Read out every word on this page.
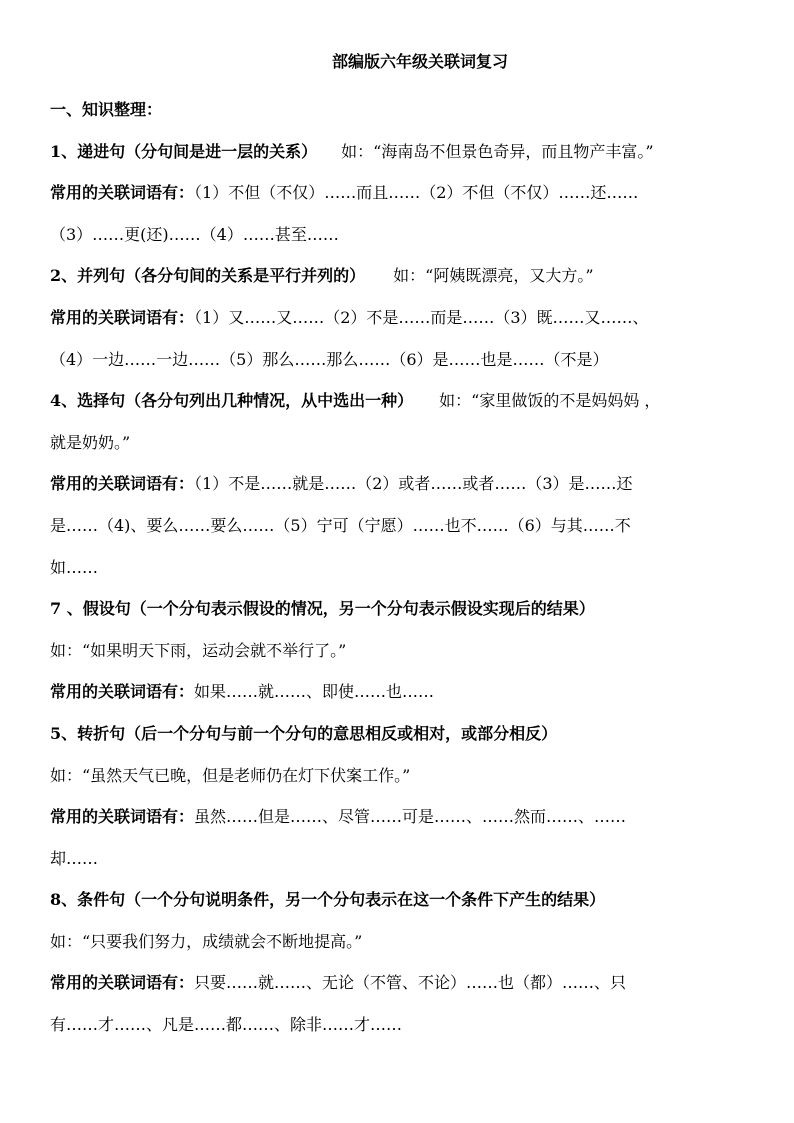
部编版六年级关联词复习
一、知识整理：
1、递进句（分句间是进一层的关系） 如：“海南岛不但景色奇异，而且物产丰富。”
常用的关联词语有：（1）不但（不仅）……而且……（2）不但（不仅）……还……
（3）……更(还)……（4）……甚至……
2、并列句（各分句间的关系是平行并列的） 如：“阿姨既漂亮，又大方。”
常用的关联词语有：（1）又……又……（2）不是……而是……（3）既……又……、
（4）一边……一边……（5）那么……那么……（6）是……也是……（不是）
4、选择句（各分句列出几种情况，从中选出一种） 如：“家里做饭的不是妈妈妈 ，
就是奶奶。”
常用的关联词语有：（1）不是……就是……（2）或者……或者……（3）是……还
是……（4)、要么……要么……（5）宁可（宁愿）……也不……（6）与其……不
如……
7 、假设句（一个分句表示假设的情况，另一个分句表示假设实现后的结果）
如：“如果明天下雨，运动会就不举行了。”
常用的关联词语有：如果……就……、即使……也……
5、转折句（后一个分句与前一个分句的意思相反或相对，或部分相反）
如：“虽然天气已晚，但是老师仍在灯下伏案工作。”
常用的关联词语有：虽然……但是……、尽管……可是……、……然而……、……
却……
8、条件句（一个分句说明条件，另一个分句表示在这一个条件下产生的结果）
如：“只要我们努力，成绩就会不断地提高。”
常用的关联词语有：只要……就……、无论（不管、不论）……也（都）……、只
有……才……、凡是……都……、除非……才……
